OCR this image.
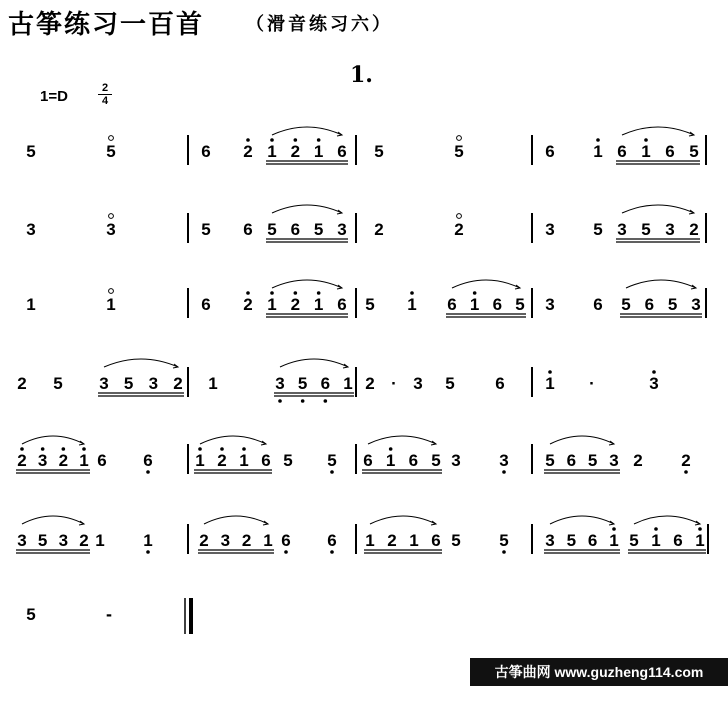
古筝练习一百首 （滑音练习六）
1.
1=D	2
4
5	5	6 2 1 2 1 6 5	5	6 1 6 1 6 5
3	3	5 6 5 6 5 3 2	2	3 5 3 5 3 2
1	1	6 2 1 2 1 6 5 1 6 1 6 5 3 6 5 6 5 3
2 5 3 5 3 2 1	3 5 6 1 2 · 3 5 6 1 ·	3
2 3 2 1 6 6	1 2 1 6 5 5 6 1 6 5 3 3 5 6 5 3 2 2
3 5 3 2 1 1	2 3 2 1 6 6 1 2 1 6 5 5 3 5 6 1 5 1 6 1
5	-
古筝曲网 www.guzheng114.com
